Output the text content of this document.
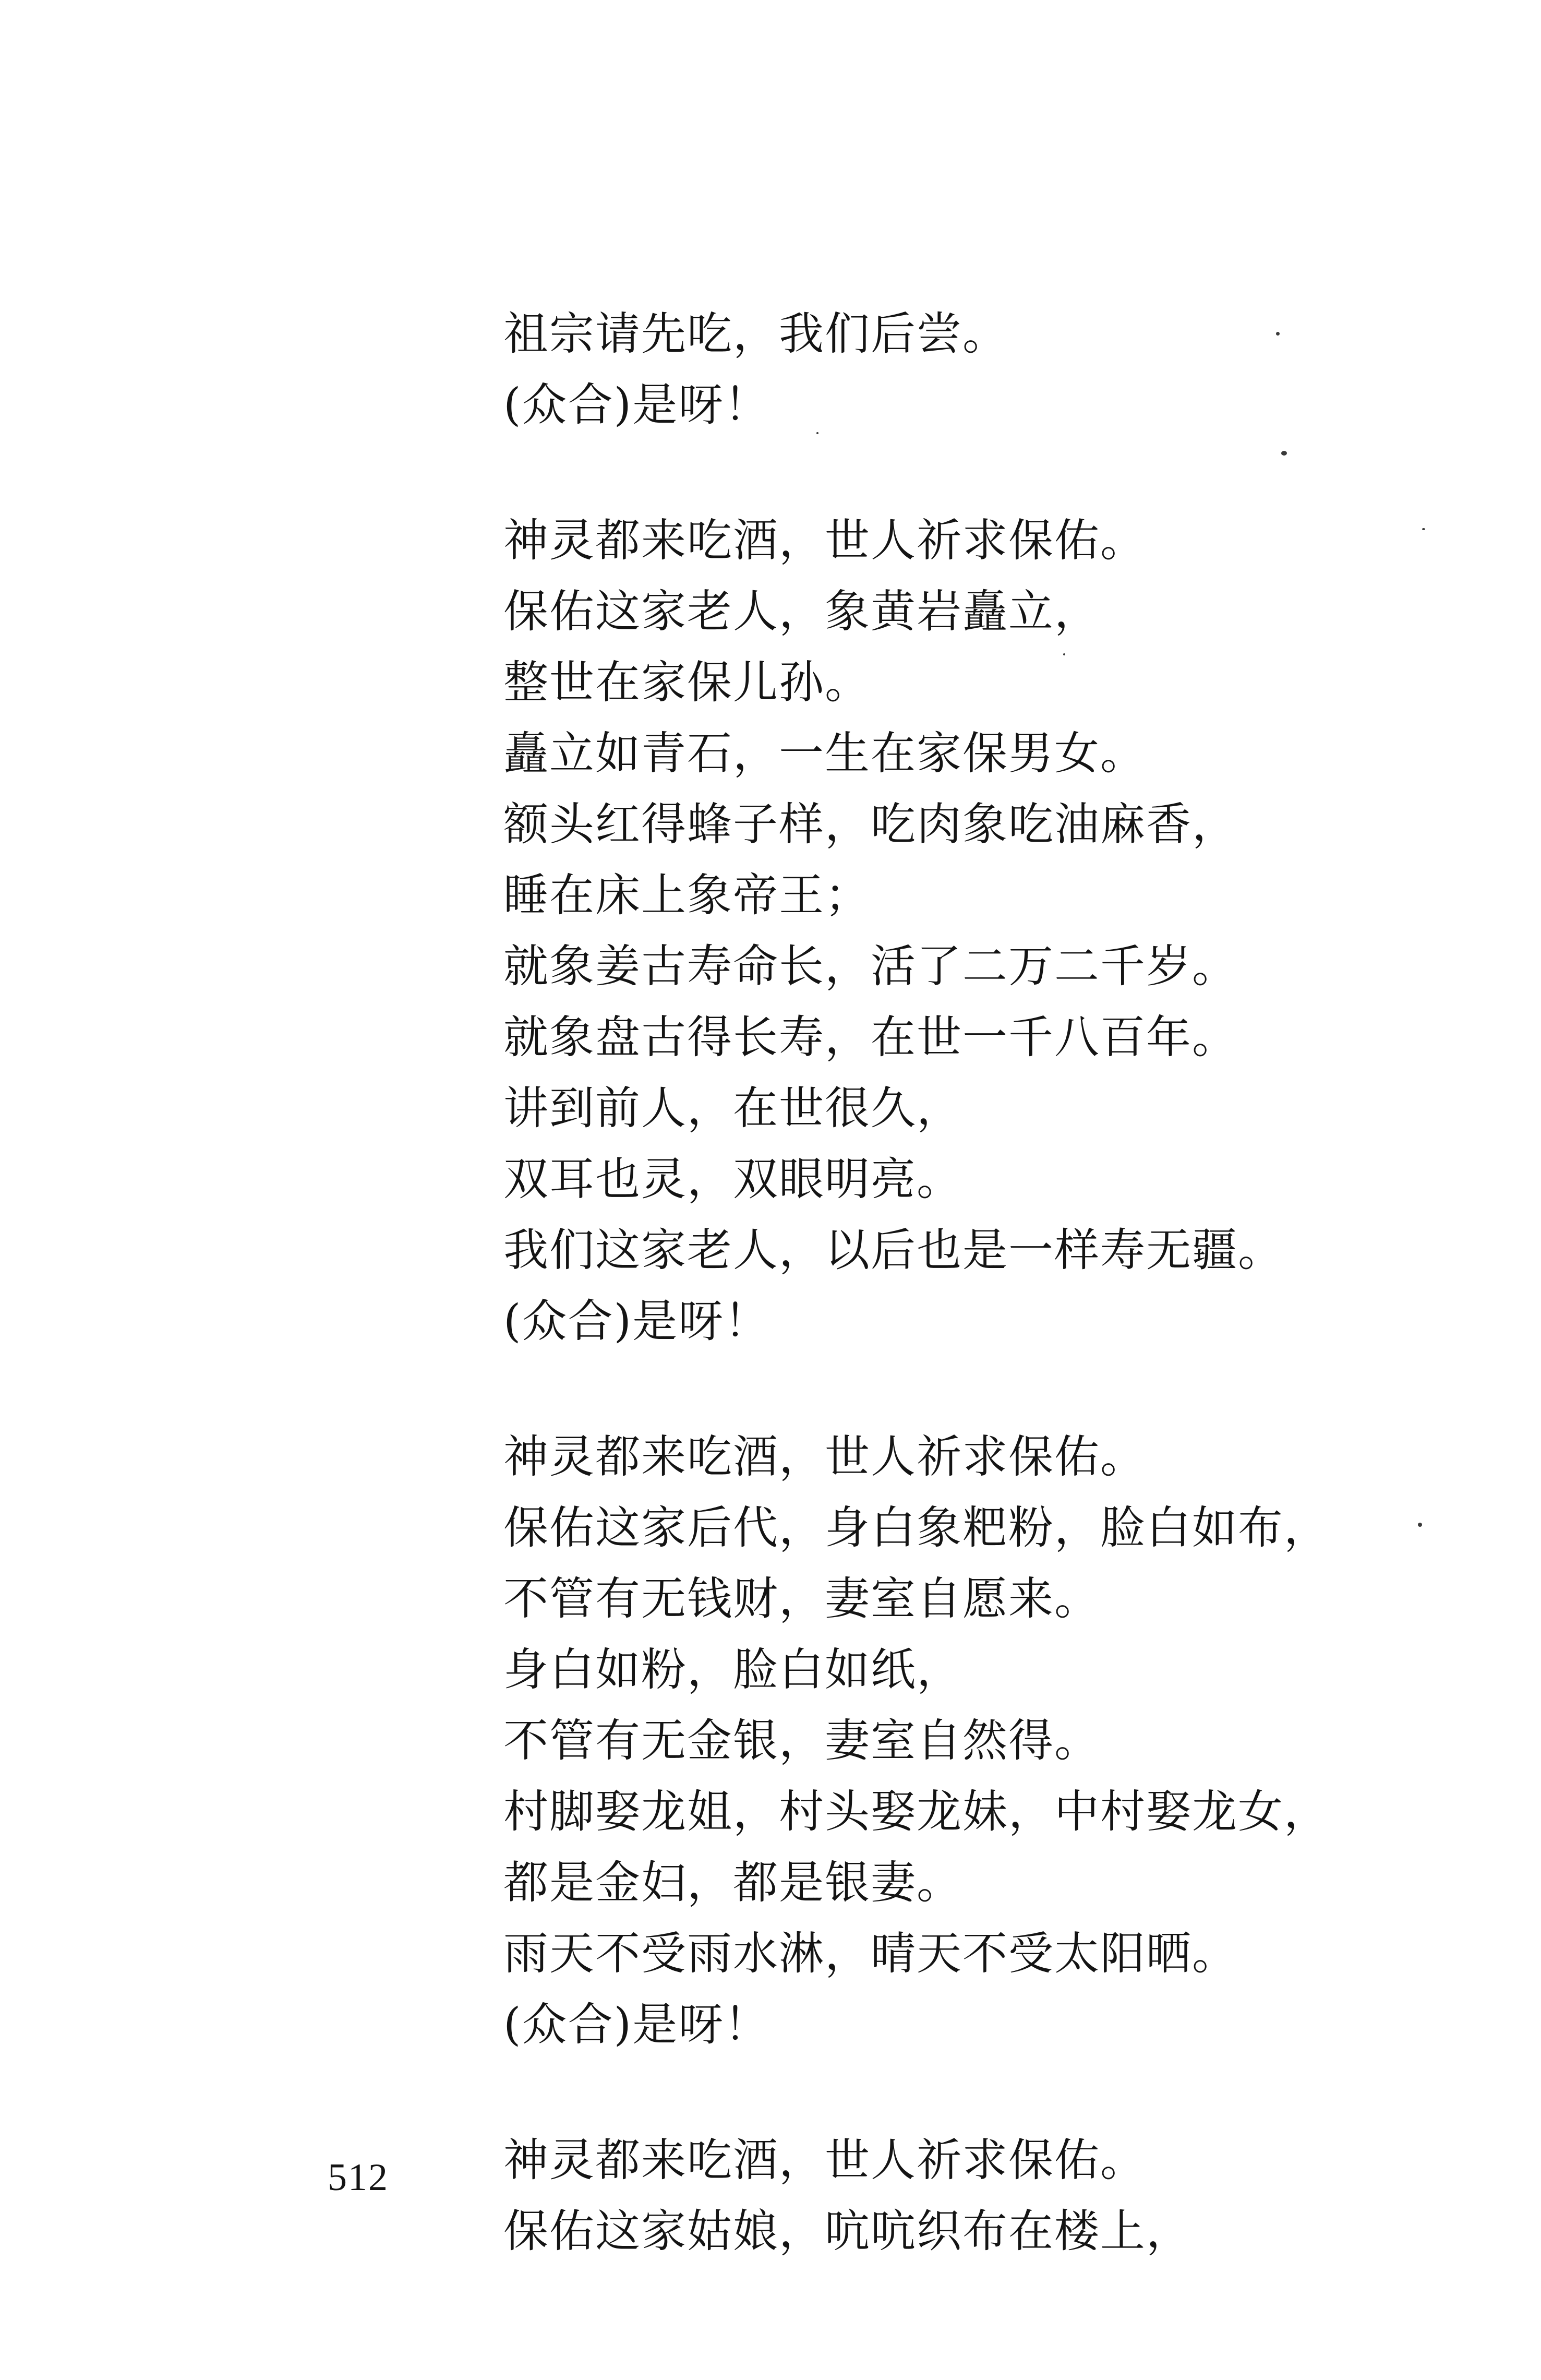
祖宗请先吃，我们后尝。
(众合)是呀！
神灵都来吃酒，世人祈求保佑。
保佑这家老人，象黄岩矗立，
整世在家保儿孙。
矗立如青石，一生在家保男女。
额头红得蜂子样，吃肉象吃油麻香，
睡在床上象帝王；
就象姜古寿命长，活了二万二千岁。
就象盘古得长寿，在世一千八百年。
讲到前人，在世很久，
双耳也灵，双眼明亮。
我们这家老人，以后也是一样寿无疆。
(众合)是呀！
神灵都来吃酒，世人祈求保佑。
保佑这家后代，身白象粑粉，脸白如布，
不管有无钱财，妻室自愿来。
身白如粉，脸白如纸，
不管有无金银，妻室自然得。
村脚娶龙姐，村头娶龙妹，中村娶龙女，
都是金妇，都是银妻。
雨天不受雨水淋，晴天不受太阳晒。
(众合)是呀！
神灵都来吃酒，世人祈求保佑。
保佑这家姑娘，吭吭织布在楼上，
512
